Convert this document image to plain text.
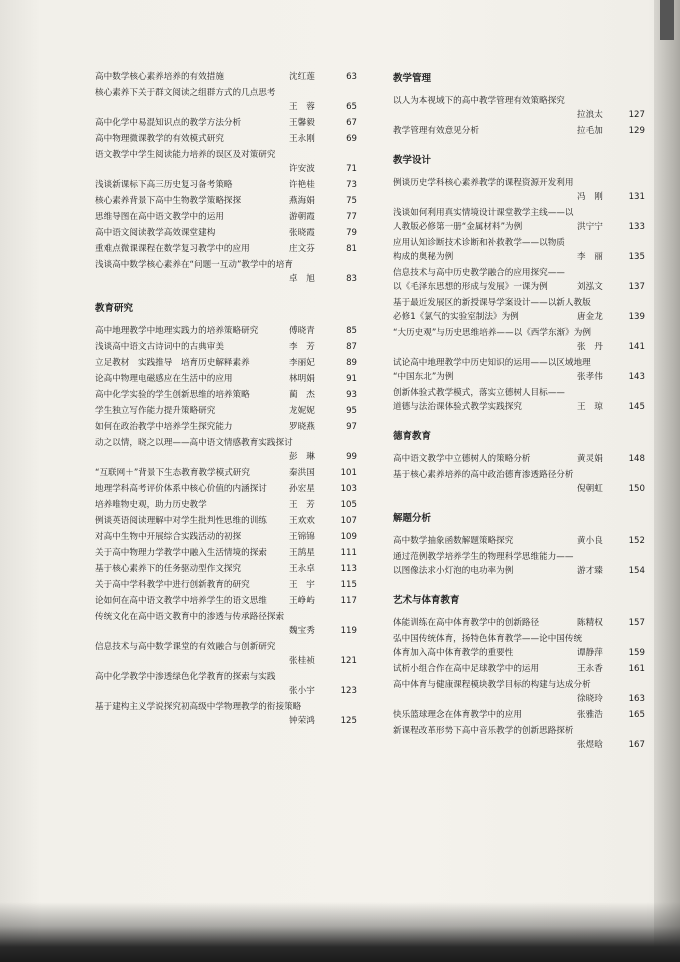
高中数学核心素养培养的有效措施	沈红莲	63
核心素养下关于群文阅读之组群方式的几点思考
王　蓉	65
高中化学中易混知识点的教学方法分析	王馨毅	67
高中物理微课教学的有效模式研究	王永刚	69
语文教学中学生阅读能力培养的误区及对策研究
许安波	71
浅谈新课标下高三历史复习备考策略	许艳桂	73
核心素养背景下高中生物教学策略探探	燕海娟	75
思维导图在高中语文教学中的运用	游朝霞	77
高中语文阅读教学高效课堂建构	张晓霞	79
重难点微课课程在数学复习教学中的应用	庄文芬	81
浅谈高中数学核心素养在“问题一互动”教学中的培育
卓　旭	83
教育研究
高中地理教学中地理实践力的培养策略研究	傅晓青	85
浅谈高中语文古诗词中的古典审美	李　芳	87
立足教材　实践推导　培育历史解释素养	李丽妃	89
论高中物理电磁感应在生活中的应用	林明娟	91
高中化学实验的学生创新思维的培养策略	蔺　杰	93
学生独立写作能力提升策略研究	龙妮妮	95
如何在政治教学中培养学生探究能力	罗晓燕	97
动之以情，晓之以理——高中语文情感教育实践探讨
彭　琳	99
“互联网＋”背景下生态教育教学模式研究	秦洪国	101
地理学科高考评价体系中核心价值的内涵探讨	孙宏星	103
培养唯物史观，助力历史教学	王　芳	105
例谈英语阅读理解中对学生批判性思维的训练	王欢欢	107
对高中生物中开展综合实践活动的初探	王锦锦	109
关于高中物理力学教学中融入生活情境的探索	王鹄星	111
基于核心素养下的任务驱动型作文探究	王永卓	113
关于高中学科教学中进行创新教育的研究	王　宇	115
论如何在高中语文教学中培养学生的语文思维	王峥屿	117
传统文化在高中语文教育中的渗透与传承路径探索
魏宝秀	119
信息技术与高中数学课堂的有效融合与创新研究
张桂祯	121
高中化学教学中渗透绿色化学教育的探索与实践
张小宇	123
基于建构主义学说探究初高级中学物理教学的衔接策略
钟荣鸿	125
教学管理
以人为本视域下的高中教学管理有效策略探究
拉浪太	127
教学管理有效意见分析	拉毛加	129
教学设计
例谈历史学科核心素养教学的课程资源开发利用
冯　刚	131
浅谈如何利用真实情境设计课堂教学主线——以
人教版必修第一册“金属材料”为例	洪宁宁	133
应用认知诊断技术诊断和补救教学——以物质
构成的奥秘为例	李　丽	135
信息技术与高中历史教学融合的应用探究——
以《毛泽东思想的形成与发展》一课为例	刘泓文	137
基于最近发展区的新授课导学案设计——以新人教版
必修1《氯气的实验室制法》为例	唐金龙	139
“大历史观”与历史思维培养——以《西学东渐》为例
张　丹	141
试论高中地理教学中历史知识的运用——以区域地理
“中国东北”为例	张孝伟	143
创新体验式教学模式，落实立德树人目标——
道德与法治课体验式教学实践探究	王　琼	145
德育教育
高中语文教学中立德树人的策略分析	黄灵娟	148
基于核心素养培养的高中政治德育渗透路径分析
倪朝虹	150
解题分析
高中数学抽象函数解题策略探究	黄小良	152
通过范例教学培养学生的物理科学思维能力——
以图像法求小灯泡的电功率为例	游才臻	154
艺术与体育教育
体能训练在高中体育教学中的创新路径	陈精权	157
弘中国传统体育，扬特色体育教学——论中国传统
体育加入高中体育教学的重要性	谭静萍	159
试析小组合作在高中足球教学中的运用	王永香	161
高中体育与健康课程模块教学目标的构建与达成分析
徐晓玲	163
快乐篮球理念在体育教学中的应用	张雅浩	165
新课程改革形势下高中音乐教学的创新思路探析
张煜晗	167
